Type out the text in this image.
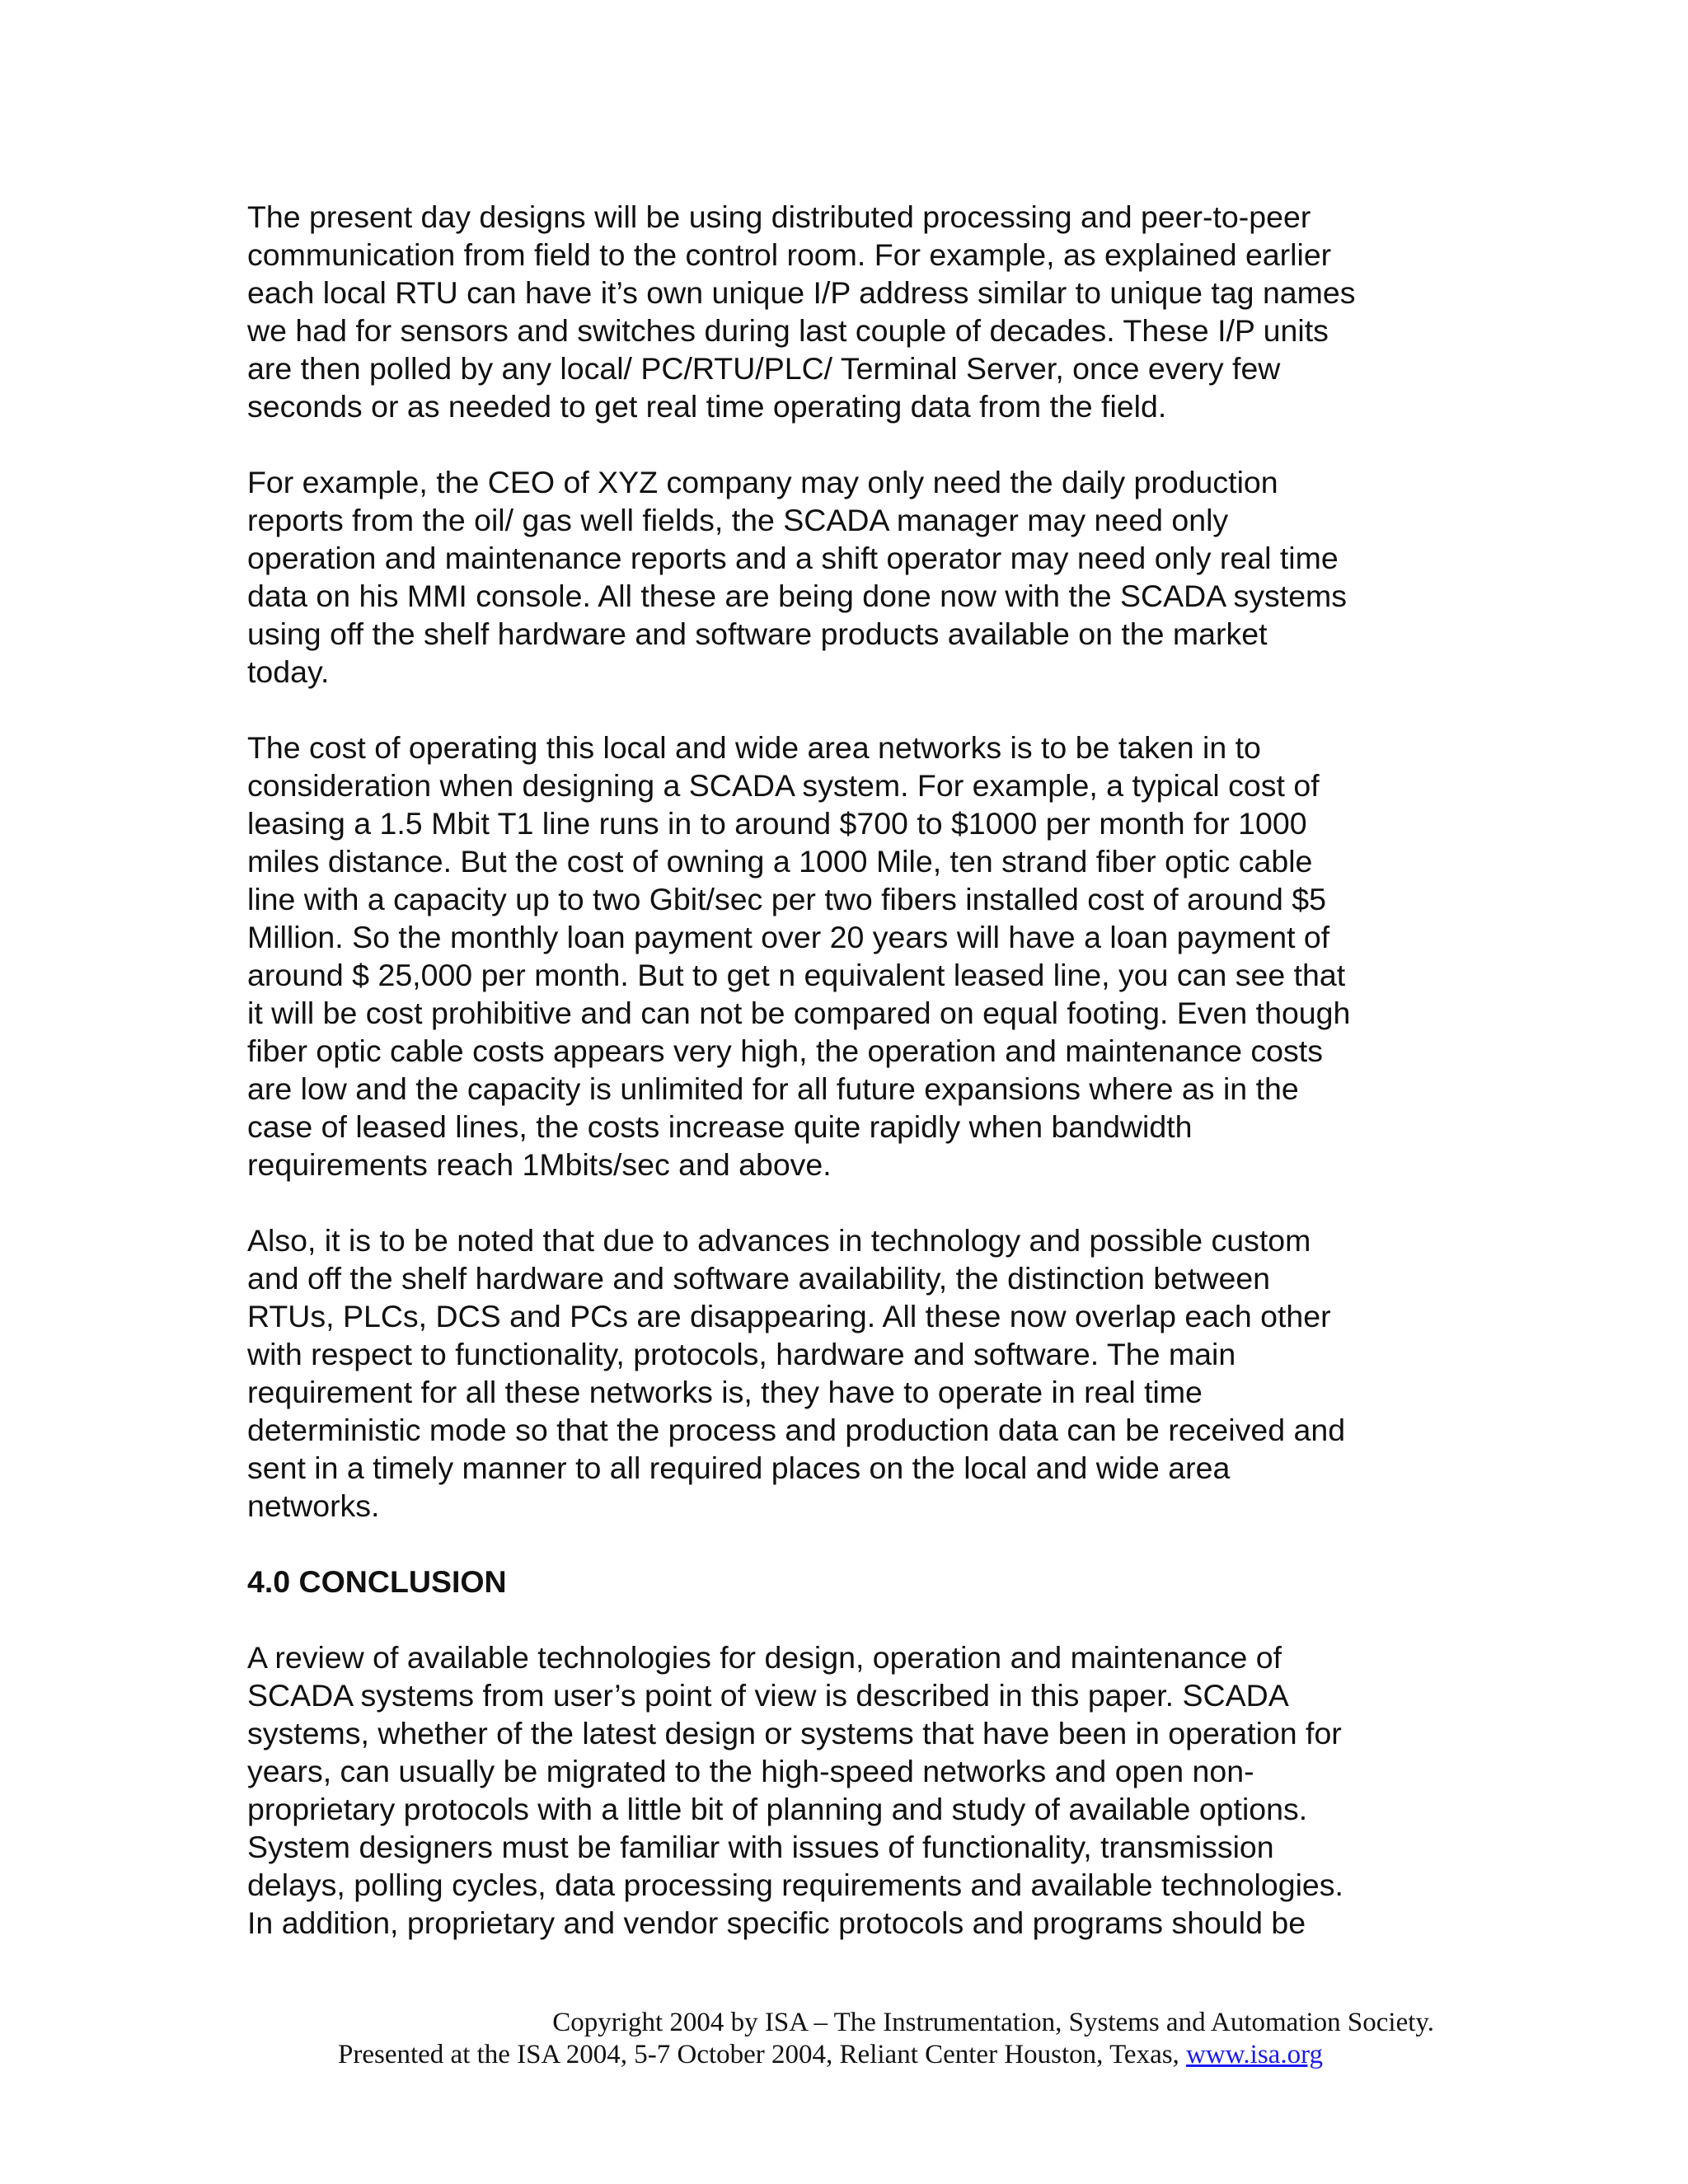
The present day designs will be using distributed processing and peer-to-peer
communication from field to the control room. For example, as explained earlier
each local RTU can have it’s own unique I/P address similar to unique tag names
we had for sensors and switches during last couple of decades. These I/P units
are then polled by any local/ PC/RTU/PLC/ Terminal Server, once every few
seconds or as needed to get real time operating data from the field.

For example, the CEO of XYZ company may only need the daily production
reports from the oil/ gas well fields, the SCADA manager may need only
operation and maintenance reports and a shift operator may need only real time
data on his MMI console. All these are being done now with the SCADA systems
using off the shelf hardware and software products available on the market
today.

The cost of operating this local and wide area networks is to be taken in to
consideration when designing a SCADA system. For example, a typical cost of
leasing a 1.5 Mbit T1 line runs in to around $700 to $1000 per month for 1000
miles distance. But the cost of owning a 1000 Mile, ten strand fiber optic cable
line with a capacity up to two Gbit/sec per two fibers installed cost of around $5
Million. So the monthly loan payment over 20 years will have a loan payment of
around $ 25,000 per month. But to get n equivalent leased line, you can see that
it will be cost prohibitive and can not be compared on equal footing. Even though
fiber optic cable costs appears very high, the operation and maintenance costs
are low and the capacity is unlimited for all future expansions where as in the
case of leased lines, the costs increase quite rapidly when bandwidth
requirements reach 1Mbits/sec and above.

Also, it is to be noted that due to advances in technology and possible custom
and off the shelf hardware and software availability, the distinction between
RTUs, PLCs, DCS and PCs are disappearing. All these now overlap each other
with respect to functionality, protocols, hardware and software. The main
requirement for all these networks is, they have to operate in real time
deterministic mode so that the process and production data can be received and
sent in a timely manner to all required places on the local and wide area
networks.

4.0 CONCLUSION

A review of available technologies for design, operation and maintenance of
SCADA systems from user’s point of view is described in this paper. SCADA
systems, whether of the latest design or systems that have been in operation for
years, can usually be migrated to the high-speed networks and open non-
proprietary protocols with a little bit of planning and study of available options.
System designers must be familiar with issues of functionality, transmission
delays, polling cycles, data processing requirements and available technologies.
In addition, proprietary and vendor specific protocols and programs should be

Copyright 2004 by ISA – The Instrumentation, Systems and Automation Society.
Presented at the ISA 2004, 5-7 October 2004, Reliant Center Houston, Texas, www.isa.org
